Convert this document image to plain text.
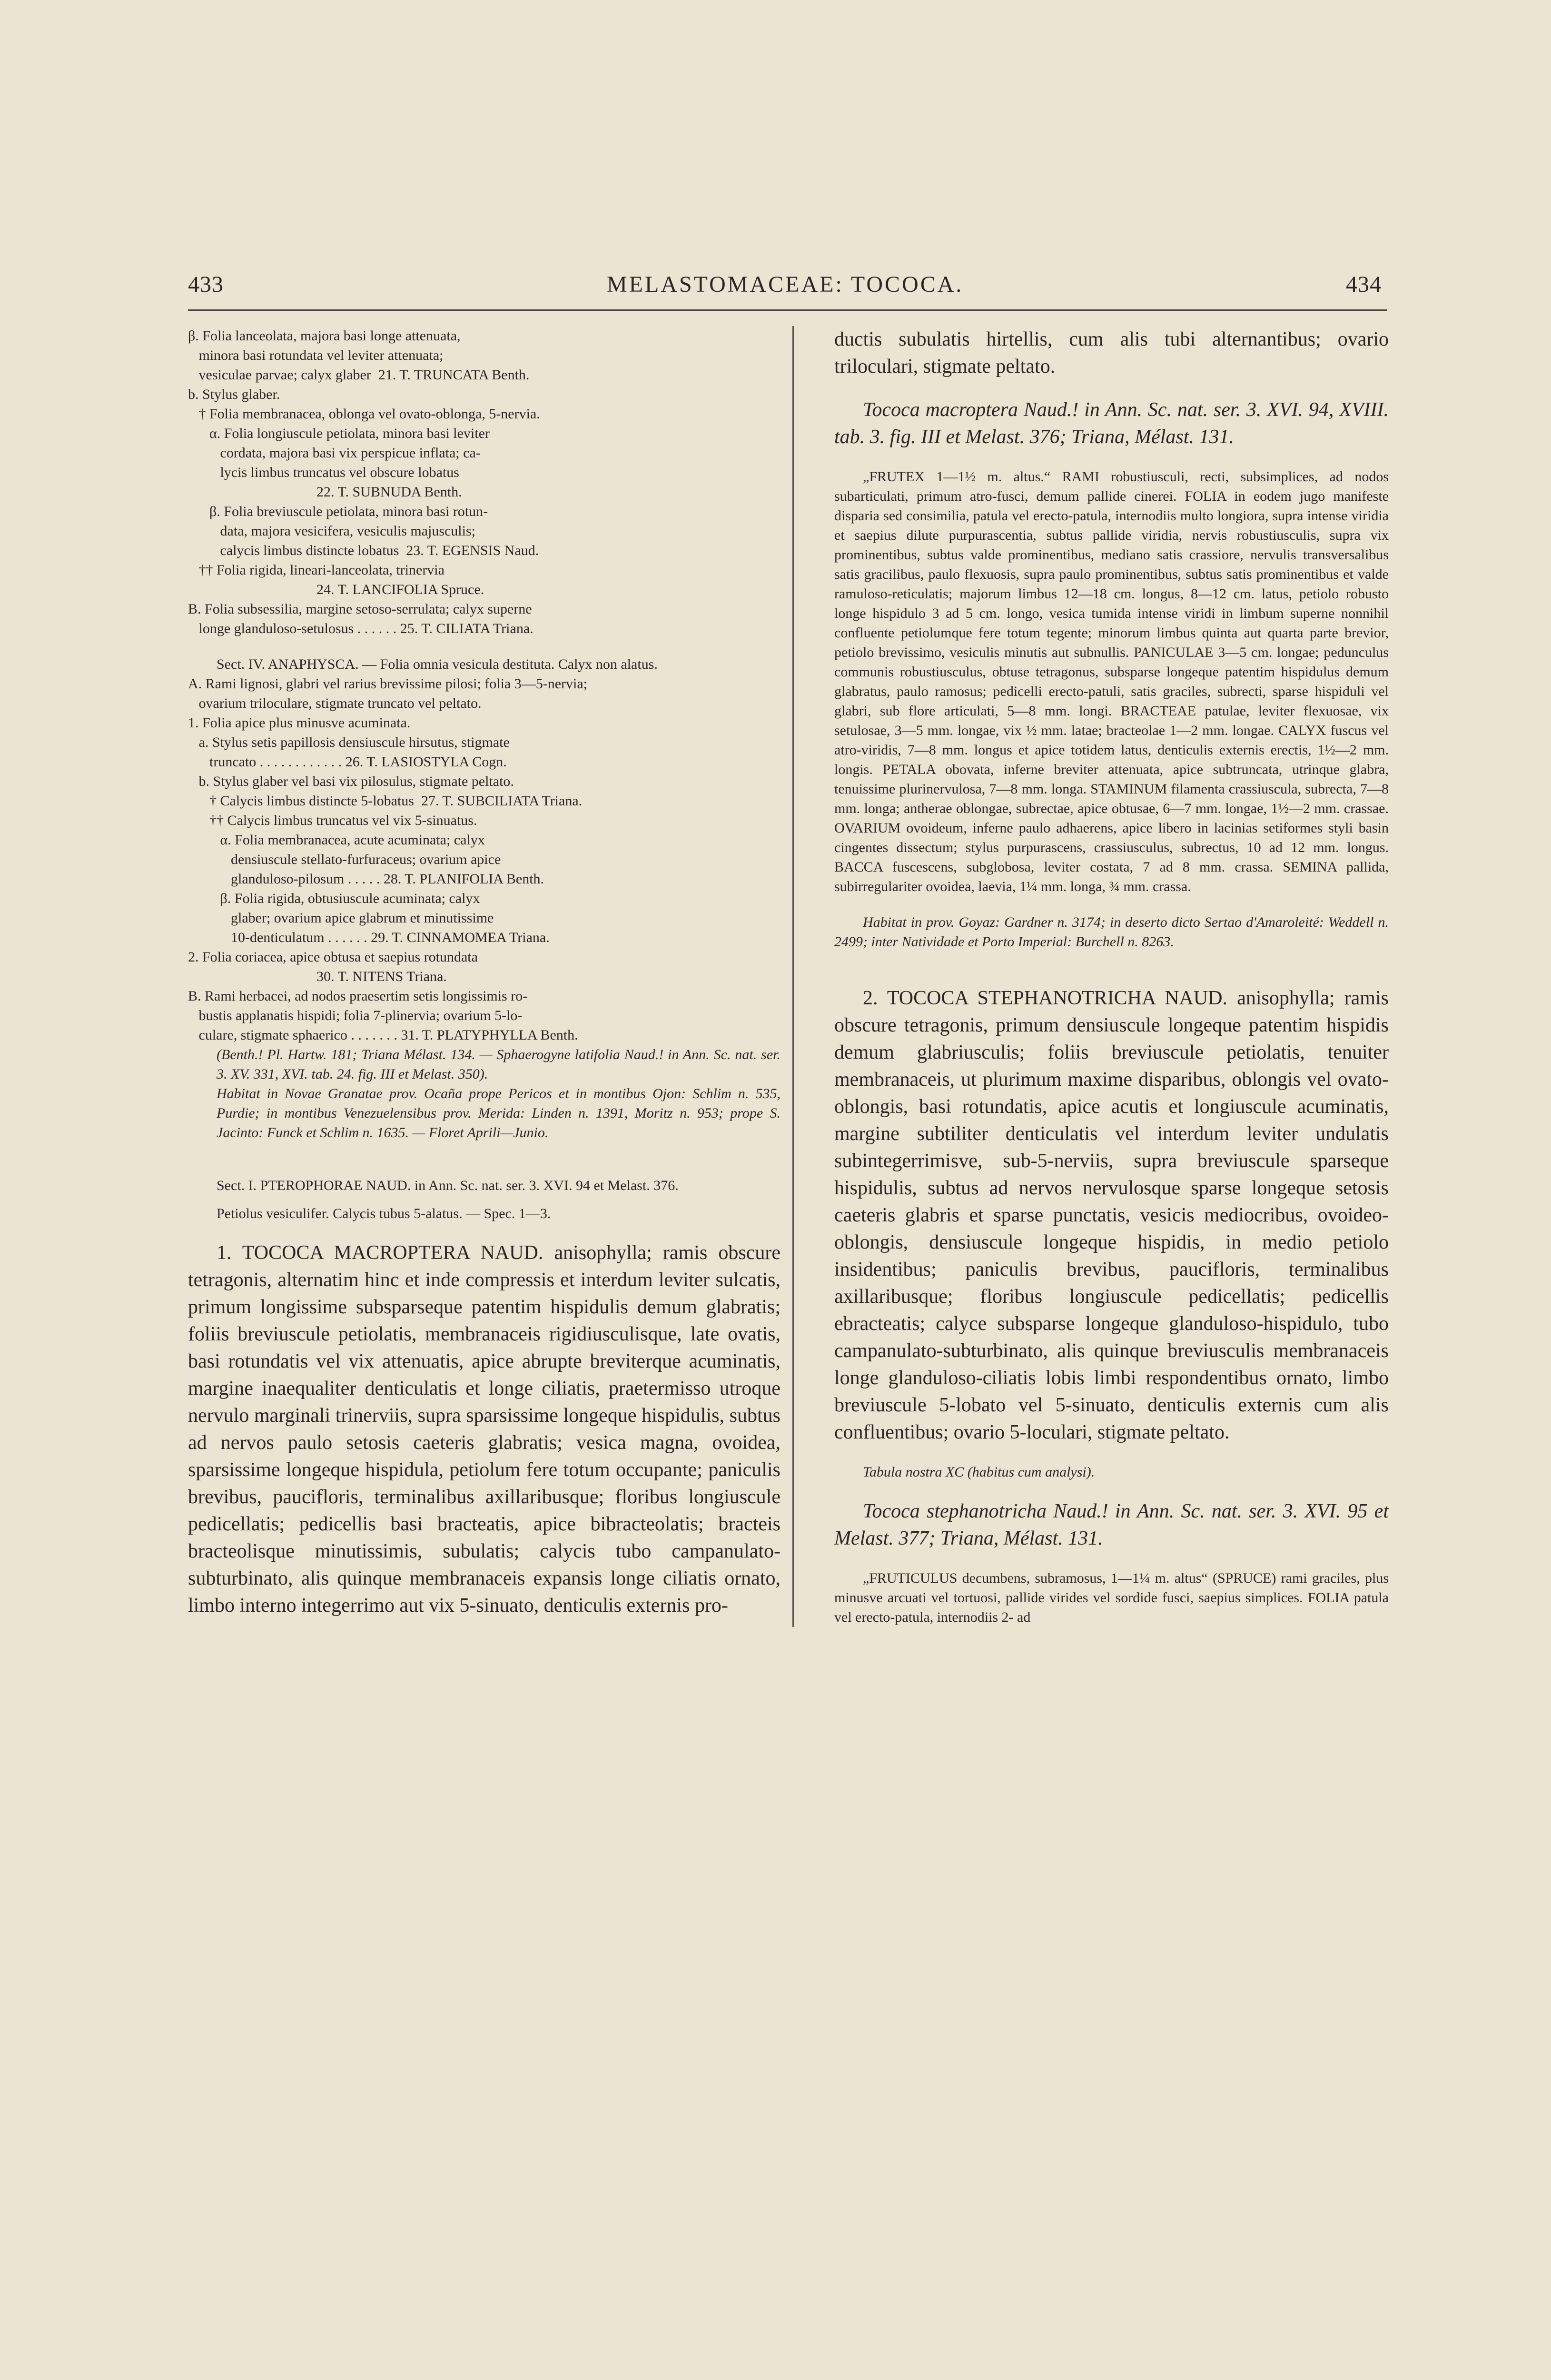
433	MELASTOMACEAE: TOCOCA.	434

β. Folia lanceolata, majora basi longe attenuata,

minora basi rotundata vel leviter attenuata;

vesiculae parvae; calyx glaber  21. T. TRUNCATA Benth.

b. Stylus glaber.

† Folia membranacea, oblonga vel ovato-oblonga, 5-nervia.

α. Folia longiuscule petiolata, minora basi leviter

cordata, majora basi vix perspicue inflata; ca-

lycis limbus truncatus vel obscure lobatus

22. T. SUBNUDA Benth.

β. Folia breviuscule petiolata, minora basi rotun-

data, majora vesicifera, vesiculis majusculis;

calycis limbus distincte lobatus  23. T. EGENSIS Naud.

†† Folia rigida, lineari-lanceolata, trinervia

24. T. LANCIFOLIA Spruce.

B. Folia subsessilia, margine setoso-serrulata; calyx superne

longe glanduloso-setulosus . . . . . . 25. T. CILIATA Triana.

Sect. IV. ANAPHYSCA. — Folia omnia vesicula destituta. Calyx non alatus.

A. Rami lignosi, glabri vel rarius brevissime pilosi; folia 3—5-nervia;

ovarium triloculare, stigmate truncato vel peltato.

1. Folia apice plus minusve acuminata.

a. Stylus setis papillosis densiuscule hirsutus, stigmate

truncato . . . . . . . . . . . . 26. T. LASIOSTYLA Cogn.

b. Stylus glaber vel basi vix pilosulus, stigmate peltato.

† Calycis limbus distincte 5-lobatus  27. T. SUBCILIATA Triana.

†† Calycis limbus truncatus vel vix 5-sinuatus.

α. Folia membranacea, acute acuminata; calyx

densiuscule stellato-furfuraceus; ovarium apice

glanduloso-pilosum . . . . . 28. T. PLANIFOLIA Benth.

β. Folia rigida, obtusiuscule acuminata; calyx

glaber; ovarium apice glabrum et minutissime

10-denticulatum . . . . . . 29. T. CINNAMOMEA Triana.

2. Folia coriacea, apice obtusa et saepius rotundata

30. T. NITENS Triana.

B. Rami herbacei, ad nodos praesertim setis longissimis ro-

bustis applanatis hispidi; folia 7-plinervia; ovarium 5-lo-

culare, stigmate sphaerico . . . . . . . 31. T. PLATYPHYLLA Benth.

(Benth.! Pl. Hartw. 181; Triana Mélast. 134. — Sphaerogyne latifolia Naud.! in Ann. Sc. nat. ser. 3. XV. 331, XVI. tab. 24. fig. III et Melast. 350).

Habitat in Novae Granatae prov. Ocaña prope Pericos et in montibus Ojon: Schlim n. 535, Purdie; in montibus Venezuelensibus prov. Merida: Linden n. 1391, Moritz n. 953; prope S. Jacinto: Funck et Schlim n. 1635. — Floret Aprili—Junio.

Sect. I. PTEROPHORAE NAUD. in Ann. Sc. nat. ser. 3. XVI. 94 et Melast. 376.

Petiolus vesiculifer. Calycis tubus 5-alatus. — Spec. 1—3.

1. TOCOCA MACROPTERA NAUD. anisophylla; ramis obscure tetragonis, alternatim hinc et inde compressis et interdum leviter sulcatis, primum longissime subsparseque patentim hispidulis demum glabratis; foliis breviuscule petiolatis, membranaceis rigidiusculisque, late ovatis, basi rotundatis vel vix attenuatis, apice abrupte breviterque acuminatis, margine inaequaliter denticulatis et longe ciliatis, praetermisso utroque nervulo marginali trinerviis, supra sparsissime longeque hispidulis, subtus ad nervos paulo setosis caeteris glabratis; vesica magna, ovoidea, sparsissime longeque hispidula, petiolum fere totum occupante; paniculis brevibus, paucifloris, terminalibus axillaribusque; floribus longiuscule pedicellatis; pedicellis basi bracteatis, apice bibracteolatis; bracteis bracteolisque minutissimis, subulatis; calycis tubo campanulato-subturbinato, alis quinque membranaceis expansis longe ciliatis ornato, limbo interno integerrimo aut vix 5-sinuato, denticulis externis pro-

ductis subulatis hirtellis, cum alis tubi alternantibus; ovario triloculari, stigmate peltato.

Tococa macroptera Naud.! in Ann. Sc. nat. ser. 3. XVI. 94, XVIII. tab. 3. fig. III et Melast. 376; Triana, Mélast. 131.

„FRUTEX 1—1½ m. altus.“ RAMI robustiusculi, recti, subsimplices, ad nodos subarticulati, primum atro-fusci, demum pallide cinerei. FOLIA in eodem jugo manifeste disparia sed consimilia, patula vel erecto-patula, internodiis multo longiora, supra intense viridia et saepius dilute purpurascentia, subtus pallide viridia, nervis robustiusculis, supra vix prominentibus, subtus valde prominentibus, mediano satis crassiore, nervulis transversalibus satis gracilibus, paulo flexuosis, supra paulo prominentibus, subtus satis prominentibus et valde ramuloso-reticulatis; majorum limbus 12—18 cm. longus, 8—12 cm. latus, petiolo robusto longe hispidulo 3 ad 5 cm. longo, vesica tumida intense viridi in limbum superne nonnihil confluente petiolumque fere totum tegente; minorum limbus quinta aut quarta parte brevior, petiolo brevissimo, vesiculis minutis aut subnullis. PANICULAE 3—5 cm. longae; pedunculus communis robustiusculus, obtuse tetragonus, subsparse longeque patentim hispidulus demum glabratus, paulo ramosus; pedicelli erecto-patuli, satis graciles, subrecti, sparse hispiduli vel glabri, sub flore articulati, 5—8 mm. longi. BRACTEAE patulae, leviter flexuosae, vix setulosae, 3—5 mm. longae, vix ½ mm. latae; bracteolae 1—2 mm. longae. CALYX fuscus vel atro-viridis, 7—8 mm. longus et apice totidem latus, denticulis externis erectis, 1½—2 mm. longis. PETALA obovata, inferne breviter attenuata, apice subtruncata, utrinque glabra, tenuissime plurinervulosa, 7—8 mm. longa. STAMINUM filamenta crassiuscula, subrecta, 7—8 mm. longa; antherae oblongae, subrectae, apice obtusae, 6—7 mm. longae, 1½—2 mm. crassae. OVARIUM ovoideum, inferne paulo adhaerens, apice libero in lacinias setiformes styli basin cingentes dissectum; stylus purpurascens, crassiusculus, subrectus, 10 ad 12 mm. longus. BACCA fuscescens, subglobosa, leviter costata, 7 ad 8 mm. crassa. SEMINA pallida, subirregulariter ovoidea, laevia, 1¼ mm. longa, ¾ mm. crassa.

Habitat in prov. Goyaz: Gardner n. 3174; in deserto dicto Sertao d'Amaroleité: Weddell n. 2499; inter Natividade et Porto Imperial: Burchell n. 8263.

2. TOCOCA STEPHANOTRICHA NAUD. anisophylla; ramis obscure tetragonis, primum densiuscule longeque patentim hispidis demum glabriusculis; foliis breviuscule petiolatis, tenuiter membranaceis, ut plurimum maxime disparibus, oblongis vel ovato-oblongis, basi rotundatis, apice acutis et longiuscule acuminatis, margine subtiliter denticulatis vel interdum leviter undulatis subintegerrimisve, sub-5-nerviis, supra breviuscule sparseque hispidulis, subtus ad nervos nervulosque sparse longeque setosis caeteris glabris et sparse punctatis, vesicis mediocribus, ovoideo-oblongis, densiuscule longeque hispidis, in medio petiolo insidentibus; paniculis brevibus, paucifloris, terminalibus axillaribusque; floribus longiuscule pedicellatis; pedicellis ebracteatis; calyce subsparse longeque glanduloso-hispidulo, tubo campanulato-subturbinato, alis quinque breviusculis membranaceis longe glanduloso-ciliatis lobis limbi respondentibus ornato, limbo breviuscule 5-lobato vel 5-sinuato, denticulis externis cum alis confluentibus; ovario 5-loculari, stigmate peltato.

Tabula nostra XC (habitus cum analysi).

Tococa stephanotricha Naud.! in Ann. Sc. nat. ser. 3. XVI. 95 et Melast. 377; Triana, Mélast. 131.

„FRUTICULUS decumbens, subramosus, 1—1¼ m. altus“ (SPRUCE) rami graciles, plus minusve arcuati vel tortuosi, pallide virides vel sordide fusci, saepius simplices. FOLIA patula vel erecto-patula, internodiis 2- ad
